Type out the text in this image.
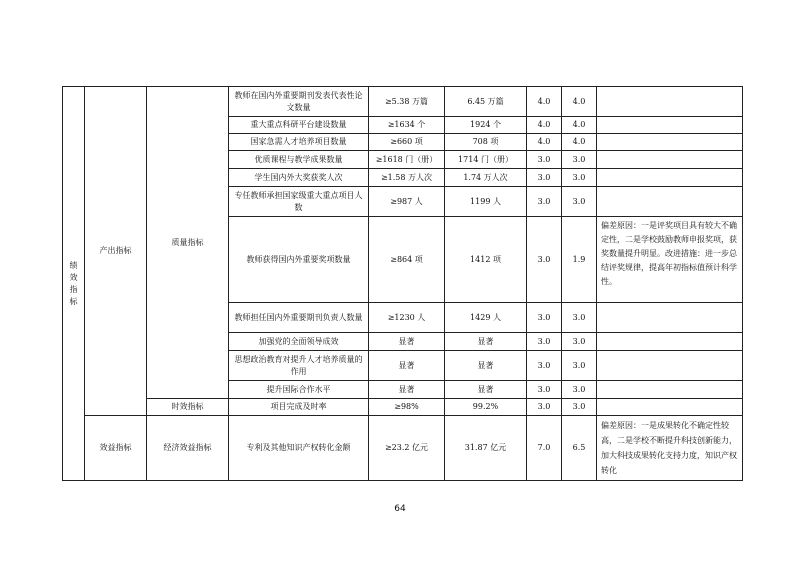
绩效指标	产出指标	质量指标	教师在国内外重要期刊发表代表性论文数量	≥5.38 万篇	6.45 万篇	4.0	4.0	
			重大重点科研平台建设数量	≥1634 个	1924 个	4.0	4.0	
			国家急需人才培养项目数量	≥660 项	708 项	4.0	4.0	
			优质课程与教学成果数量	≥1618 门（册）	1714 门（册）	3.0	3.0	
			学生国内外大奖获奖人次	≥1.58 万人次	1.74 万人次	3.0	3.0	
			专任教师承担国家级重大重点项目人数	≥987 人	1199 人	3.0	3.0	
			教师获得国内外重要奖项数量	≥864 项	1412 项	3.0	1.9	偏差原因：一是评奖项目具有较大不确定性，二是学校鼓励教师申报奖项，获奖数量提升明显。改进措施：进一步总结评奖规律，提高年初指标值预计科学性。
			教师担任国内外重要期刊负责人数量	≥1230 人	1429 人	3.0	3.0	
			加强党的全面领导成效	显著	显著	3.0	3.0	
			思想政治教育对提升人才培养质量的作用	显著	显著	3.0	3.0	
			提升国际合作水平	显著	显著	3.0	3.0	
		时效指标	项目完成及时率	≥98%	99.2%	3.0	3.0	
	效益指标	经济效益指标	专利及其他知识产权转化金额	≥23.2 亿元	31.87 亿元	7.0	6.5	偏差原因：一是成果转化不确定性较高，二是学校不断提升科技创新能力，加大科技成果转化支持力度，知识产权转化
64
